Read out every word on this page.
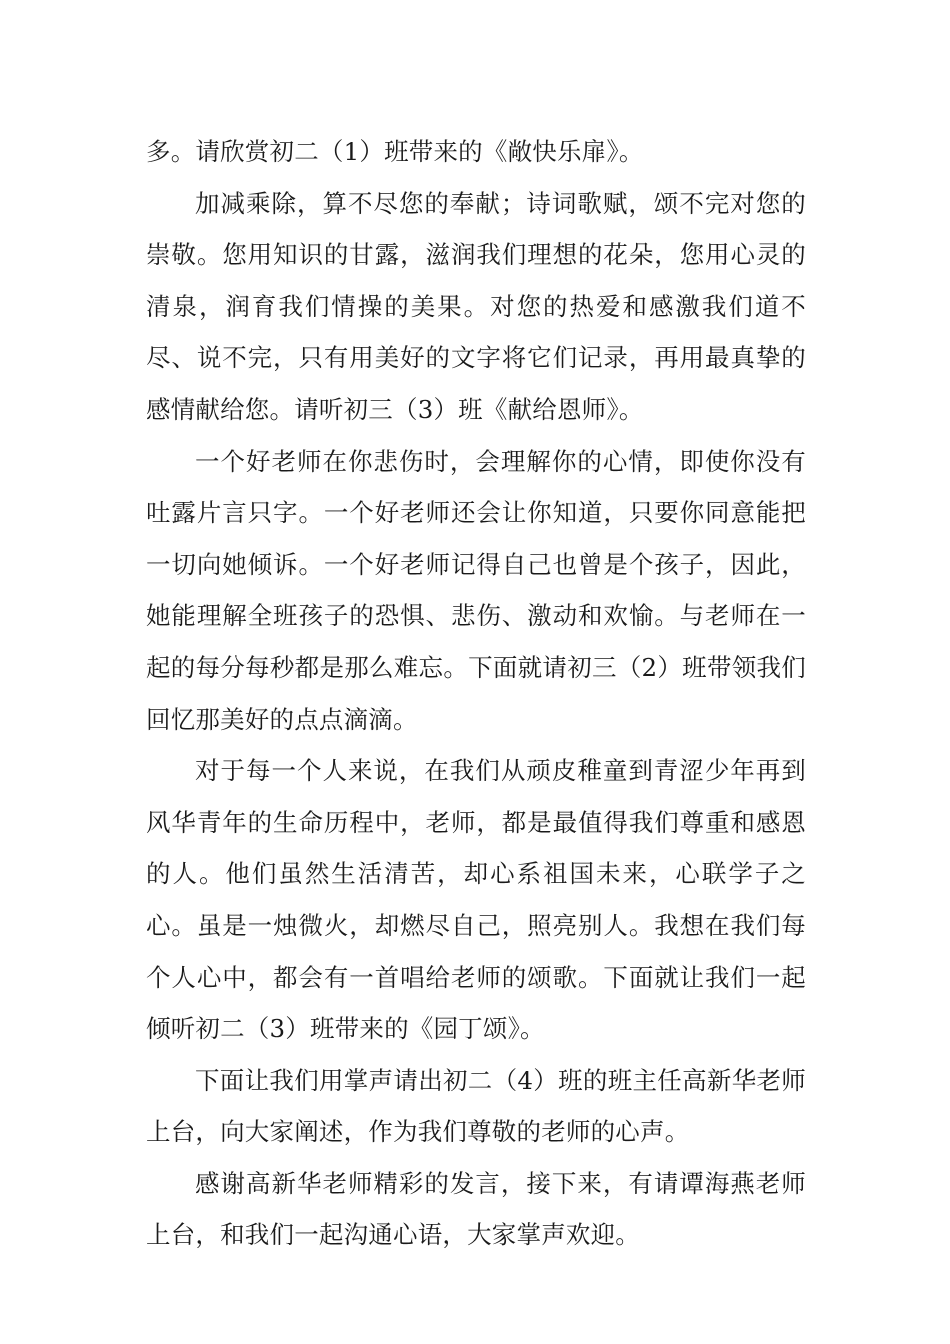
多。请欣赏初二（1）班带来的《敞快乐扉》。

加减乘除，算不尽您的奉献；诗词歌赋，颂不完对您的崇敬。您用知识的甘露，滋润我们理想的花朵，您用心灵的清泉，润育我们情操的美果。对您的热爱和感激我们道不尽、说不完，只有用美好的文字将它们记录，再用最真挚的感情献给您。请听初三（3）班《献给恩师》。

一个好老师在你悲伤时，会理解你的心情，即使你没有吐露片言只字。一个好老师还会让你知道，只要你同意能把一切向她倾诉。一个好老师记得自己也曾是个孩子，因此，她能理解全班孩子的恐惧、悲伤、激动和欢愉。与老师在一起的每分每秒都是那么难忘。下面就请初三（2）班带领我们回忆那美好的点点滴滴。

对于每一个人来说，在我们从顽皮稚童到青涩少年再到风华青年的生命历程中，老师，都是最值得我们尊重和感恩的人。他们虽然生活清苦，却心系祖国未来，心联学子之心。虽是一烛微火，却燃尽自己，照亮别人。我想在我们每个人心中，都会有一首唱给老师的颂歌。下面就让我们一起倾听初二（3）班带来的《园丁颂》。

下面让我们用掌声请出初二（4）班的班主任高新华老师上台，向大家阐述，作为我们尊敬的老师的心声。

感谢高新华老师精彩的发言，接下来，有请谭海燕老师上台，和我们一起沟通心语，大家掌声欢迎。
